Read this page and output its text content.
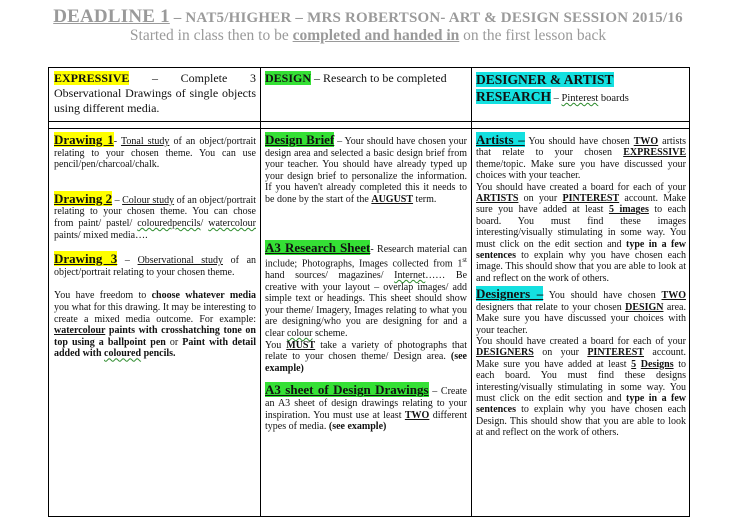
DEADLINE 1 – NAT5/HIGHER – MRS ROBERTSON- ART & DESIGN SESSION 2015/16
Started in class then to be completed and handed in on the first lesson back
EXPRESSIVE – Complete 3 Observational Drawings of single objects using different media.
DESIGN – Research to be completed	DESIGNER & ARTIST
RESEARCH – Pinterest boards

Drawing 1- Tonal study of an object/portrait relating to your chosen theme. You can use pencil/pen/charcoal/chalk.

Drawing 2 – Colour study of an object/portrait relating to your chosen theme. You can chose from paint/ pastel/ colouredpencils/ watercolour paints/ mixed media….

Drawing 3 – Observational study of an object/portrait relating to your chosen theme.

You have freedom to choose whatever media you what for this drawing. It may be interesting to create a mixed media outcome. For example: watercolour paints with crosshatching tone on top using a ballpoint pen or Paint with detail added with coloured pencils.

Design Brief – Your should have chosen your design area and selected a basic design brief from your teacher. You should have already typed up your design brief to personalize the information. If you haven't already completed this it needs to be done by the start of the AUGUST term.

A3 Research Sheet- Research material can include; Photographs, Images collected from 1st hand sources/ magazines/ Internet…… Be creative with your layout – overlap images/ add simple text or headings. This sheet should show your theme/ Imagery, Images relating to what you are designing/who you are designing for and a clear colour scheme.

You MUST take a variety of photographs that relate to your chosen theme/ Design area. (see example)

A3 sheet of Design Drawings – Create an A3 sheet of design drawings relating to your inspiration. You must use at least TWO different types of media. (see example)

Artists – You should have chosen TWO artists that relate to your chosen EXPRESSIVE theme/topic. Make sure you have discussed your choices with your teacher.

You should have created a board for each of your ARTISTS on your PINTEREST account. Make sure you have added at least 5 images to each board. You must find these images interesting/visually stimulating in some way. You must click on the edit section and type in a few sentences to explain why you have chosen each image. This should show that you are able to look at and reflect on the work of others.

Designers – You should have chosen TWO designers that relate to your chosen DESIGN area. Make sure you have discussed your choices with your teacher.

You should have created a board for each of your DESIGNERS on your PINTEREST account. Make sure you have added at least 5 Designs to each board. You must find these designs interesting/visually stimulating in some way. You must click on the edit section and type in a few sentences to explain why you have chosen each Design. This should show that you are able to look at and reflect on the work of others.
